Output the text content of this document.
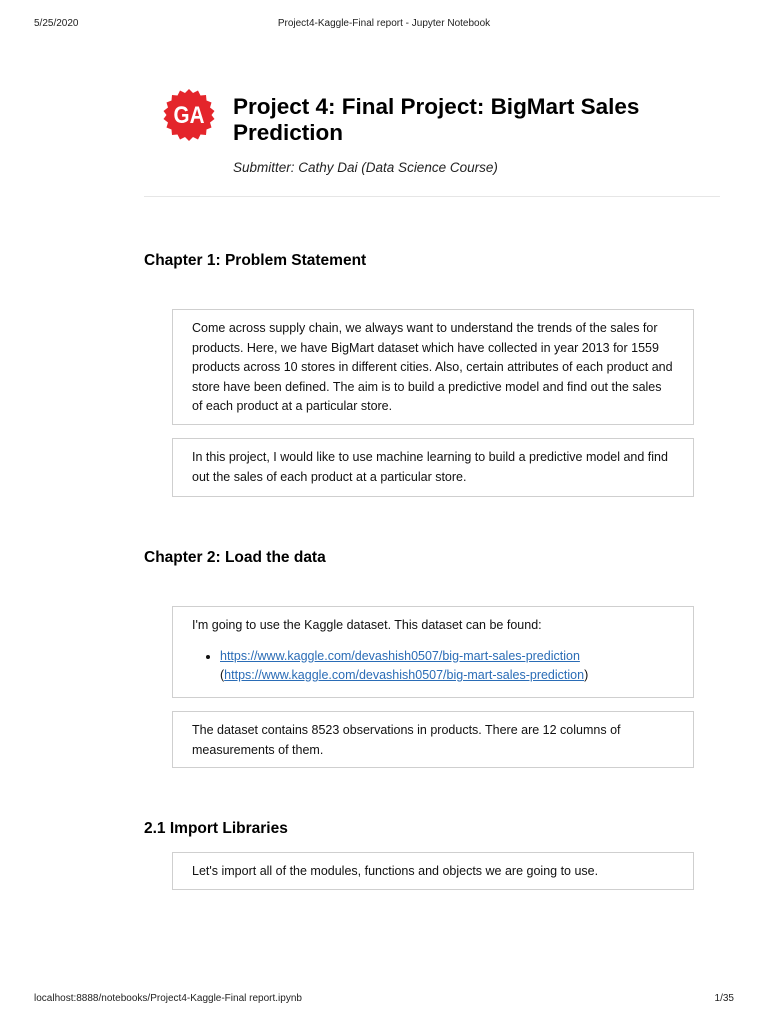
5/25/2020	Project4-Kaggle-Final report - Jupyter Notebook
GA Project 4: Final Project: BigMart Sales Prediction
Submitter: Cathy Dai (Data Science Course)
Chapter 1: Problem Statement

Come across supply chain, we always want to understand the trends of the sales for products. Here, we have BigMart dataset which have collected in year 2013 for 1559 products across 10 stores in different cities. Also, certain attributes of each product and store have been defined. The aim is to build a predictive model and find out the sales of each product at a particular store.

In this project, I would like to use machine learning to build a predictive model and find out the sales of each product at a particular store.

Chapter 2: Load the data

I'm going to use the Kaggle dataset. This dataset can be found:

• https://www.kaggle.com/devashish0507/big-mart-sales-prediction
(https://www.kaggle.com/devashish0507/big-mart-sales-prediction)

The dataset contains 8523 observations in products. There are 12 columns of measurements of them.

2.1 Import Libraries

Let's import all of the modules, functions and objects we are going to use.

localhost:8888/notebooks/Project4-Kaggle-Final report.ipynb	1/35
